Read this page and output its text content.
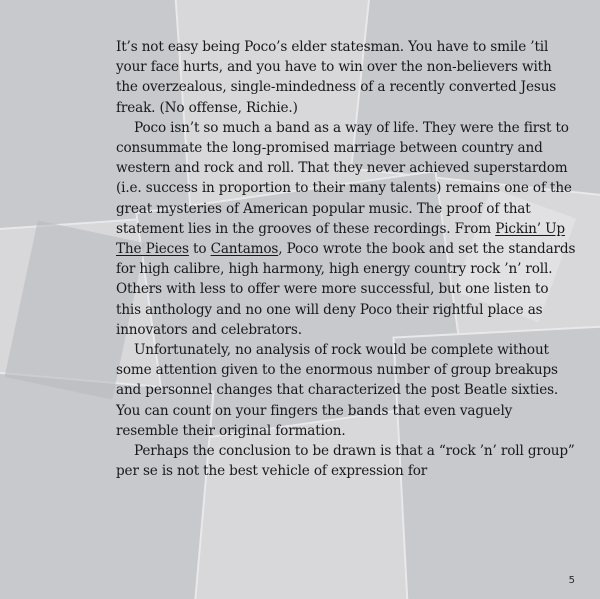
It’s not easy being Poco’s elder statesman. You have to smile ’til your face hurts, and you have to win over the non-believers with the overzealous, single-mindedness of a recently converted Jesus freak. (No offense, Richie.)

Poco isn’t so much a band as a way of life. They were the first to consummate the long-promised marriage between country and western and rock and roll. That they never achieved superstardom (i.e. success in proportion to their many talents) remains one of the great mysteries of American popular music. The proof of that statement lies in the grooves of these recordings. From Pickin’ Up The Pieces to Cantamos, Poco wrote the book and set the standards for high calibre, high harmony, high energy country rock ’n’ roll. Others with less to offer were more successful, but one listen to this anthology and no one will deny Poco their rightful place as innovators and celebrators.

Unfortunately, no analysis of rock would be complete without some attention given to the enormous number of group breakups and personnel changes that characterized the post Beatle sixties. You can count on your fingers the bands that even vaguely resemble their original formation.

Perhaps the conclusion to be drawn is that a “rock ’n’ roll group” per se is not the best vehicle of expression for

5
